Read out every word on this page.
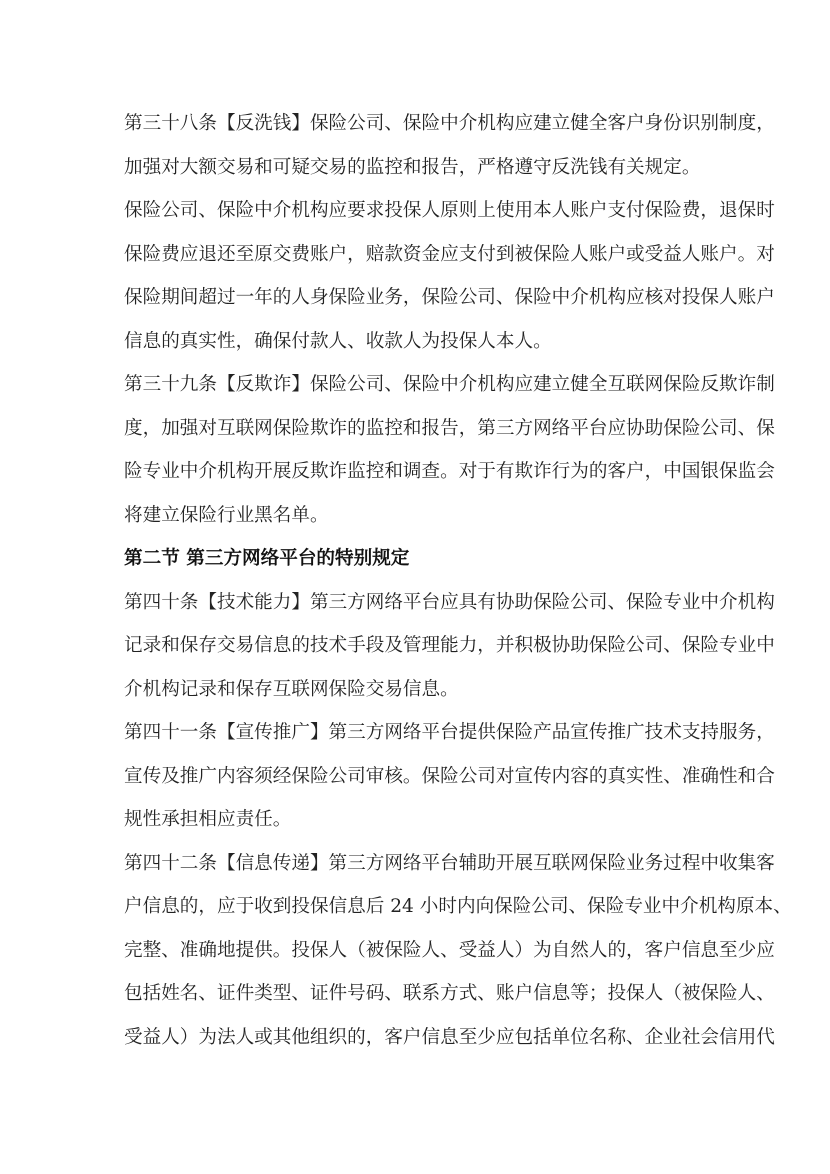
第三十八条【反洗钱】保险公司、保险中介机构应建立健全客户身份识别制度，
加强对大额交易和可疑交易的监控和报告，严格遵守反洗钱有关规定。
保险公司、保险中介机构应要求投保人原则上使用本人账户支付保险费，退保时
保险费应退还至原交费账户，赔款资金应支付到被保险人账户或受益人账户。对
保险期间超过一年的人身保险业务，保险公司、保险中介机构应核对投保人账户
信息的真实性，确保付款人、收款人为投保人本人。
第三十九条【反欺诈】保险公司、保险中介机构应建立健全互联网保险反欺诈制
度，加强对互联网保险欺诈的监控和报告，第三方网络平台应协助保险公司、保
险专业中介机构开展反欺诈监控和调查。对于有欺诈行为的客户，中国银保监会
将建立保险行业黑名单。
第二节 第三方网络平台的特别规定
第四十条【技术能力】第三方网络平台应具有协助保险公司、保险专业中介机构
记录和保存交易信息的技术手段及管理能力，并积极协助保险公司、保险专业中
介机构记录和保存互联网保险交易信息。
第四十一条【宣传推广】第三方网络平台提供保险产品宣传推广技术支持服务，
宣传及推广内容须经保险公司审核。保险公司对宣传内容的真实性、准确性和合
规性承担相应责任。
第四十二条【信息传递】第三方网络平台辅助开展互联网保险业务过程中收集客
户信息的，应于收到投保信息后 24 小时内向保险公司、保险专业中介机构原本、
完整、准确地提供。投保人（被保险人、受益人）为自然人的，客户信息至少应
包括姓名、证件类型、证件号码、联系方式、账户信息等；投保人（被保险人、
受益人）为法人或其他组织的，客户信息至少应包括单位名称、企业社会信用代
